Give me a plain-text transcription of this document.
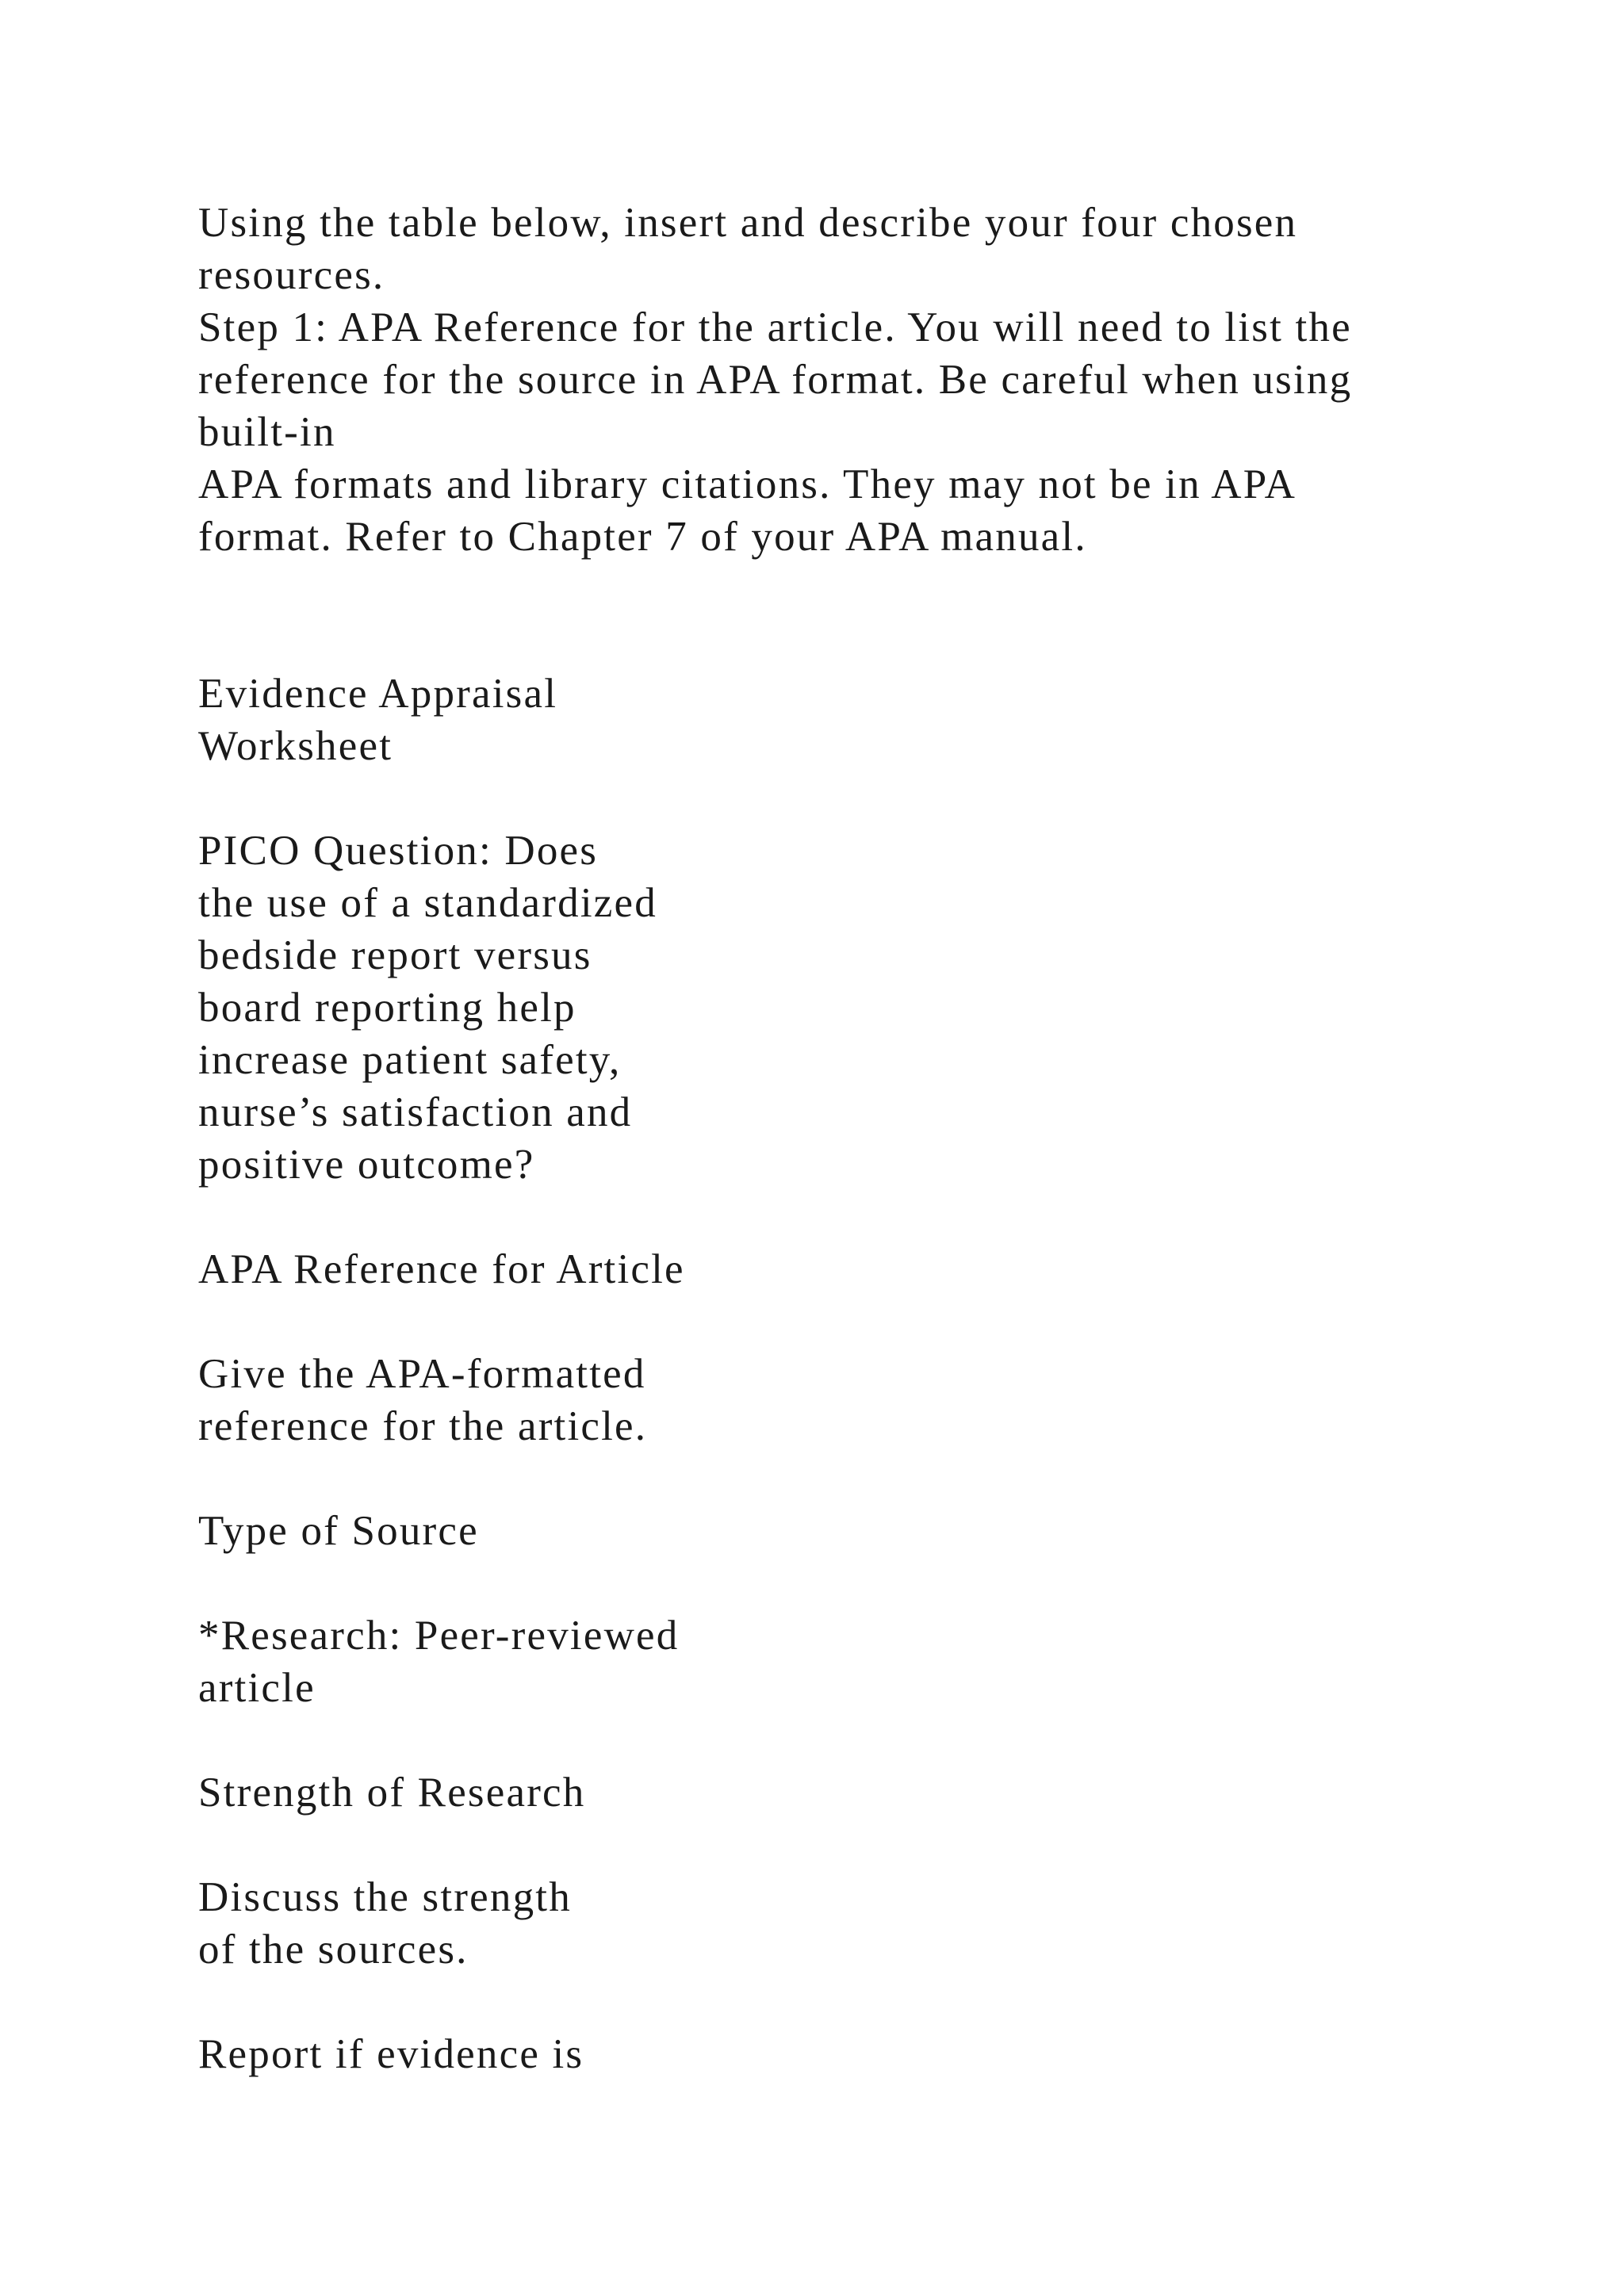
Using the table below, insert and describe your four chosen
resources.
Step 1: APA Reference for the article. You will need to list the
reference for the source in APA format. Be careful when using
built-in
APA formats and library citations. They may not be in APA
format. Refer to Chapter 7 of your APA manual.
Evidence Appraisal
Worksheet
PICO Question: Does
the use of a standardized
bedside report versus
board reporting help
increase patient safety,
nurse’s satisfaction and
positive outcome?
APA Reference for Article
Give the APA-formatted
reference for the article.
Type of Source
*Research: Peer-reviewed
article
Strength of Research
Discuss the strength
of the sources.
Report if evidence is
